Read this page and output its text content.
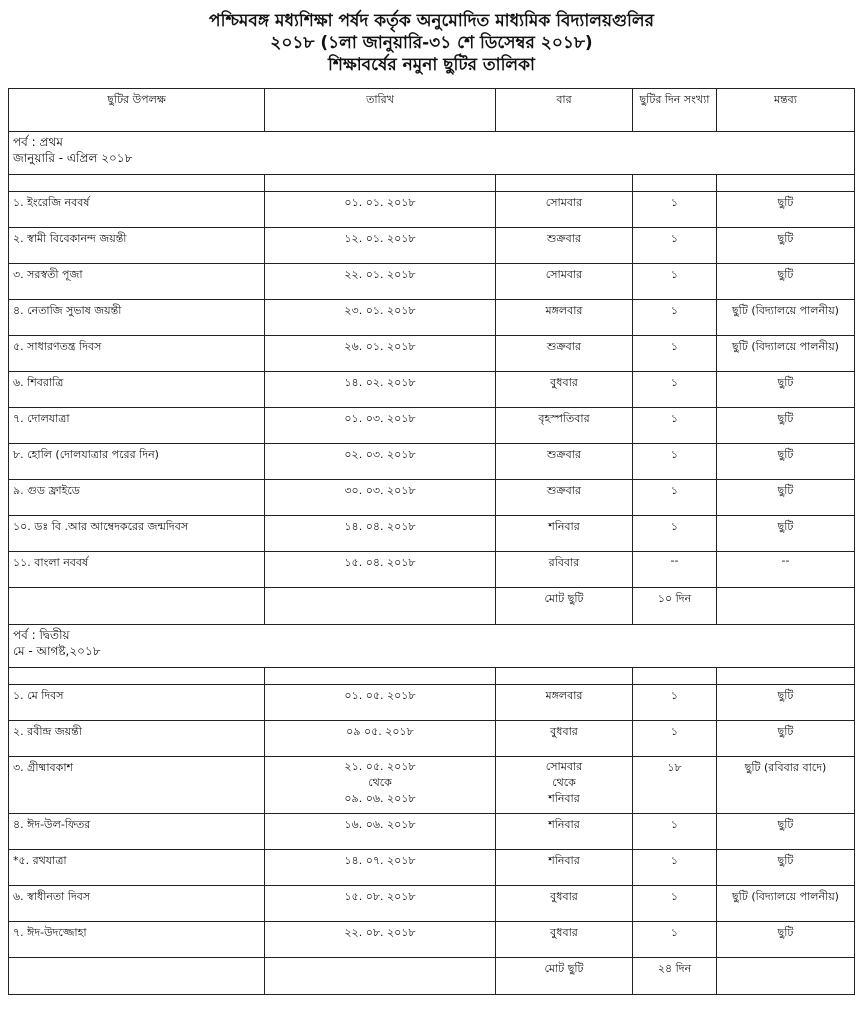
পশ্চিমবঙ্গ মধ্যশিক্ষা পর্ষদ কর্তৃক অনুমোদিত মাধ্যমিক বিদ্যালয়গুলির
২০১৮ (১লা জানুয়ারি-৩১ শে ডিসেম্বর ২০১৮)
শিক্ষাবর্ষের নমুনা ছুটির তালিকা
ছুটির উপলক্ষ	তারিখ	বার	ছুটির দিন সংখ্যা	মন্তব্য

পর্ব : প্রথম
জানুয়ারি - এপ্রিল ২০১৮				

১. ইংরেজি নববর্ষ	০১. ০১. ২০১৮	সোমবার	১	ছুটি
২. স্বামী বিবেকানন্দ জয়ন্তী	১২. ০১. ২০১৮	শুক্রবার	১	ছুটি
৩. সরস্বতী পূজা	২২. ০১. ২০১৮	সোমবার	১	ছুটি
৪. নেতাজি সুভাষ জয়ন্তী	২৩. ০১. ২০১৮	মঙ্গলবার	১	ছুটি (বিদ্যালয়ে পালনীয়)
৫. সাধারণতন্ত্র দিবস	২৬. ০১. ২০১৮	শুক্রবার	১	ছুটি (বিদ্যালয়ে পালনীয়)
৬. শিবরাত্রি	১৪. ০২. ২০১৮	বুধবার	১	ছুটি
৭. দোলযাত্রা	০১. ০৩. ২০১৮	বৃহস্পতিবার	১	ছুটি
৮. হোলি (দোলযাত্রার পরের দিন)	০২. ০৩. ২০১৮	শুক্রবার	১	ছুটি
৯. গুড ফ্রাইডে	৩০. ০৩. ২০১৮	শুক্রবার	১	ছুটি
১০. ডঃ বি .আর আম্বেদকরের জন্মদিবস	১৪. ০৪. ২০১৮	শনিবার	১	ছুটি
১১. বাংলা নববর্ষ	১৫. ০৪. ২০১৮	রবিবার	--	--
		মোট ছুটি	১০ দিন	

পর্ব : দ্বিতীয়
মে - আগষ্ট,২০১৮				

১. মে দিবস	০১. ০৫. ২০১৮	মঙ্গলবার	১	ছুটি
২. রবীন্দ্র জয়ন্তী	০৯ ০৫. ২০১৮	বুধবার	১	ছুটি
৩. গ্রীষ্মাবকাশ	২১. ০৫. ২০১৮
থেকে
০৯. ০৬. ২০১৮	সোমবার
থেকে
শনিবার	১৮	ছুটি (রবিবার বাদে)
৪. ঈদ-উল-ফিতর	১৬. ০৬. ২০১৮	শনিবার	১	ছুটি
*৫. রথযাত্রা	১৪. ০৭. ২০১৮	শনিবার	১	ছুটি
৬. স্বাধীনতা দিবস	১৫. ০৮. ২০১৮	বুধবার	১	ছুটি (বিদ্যালয়ে পালনীয়)
৭. ঈদ-উদজ্জোহা	২২. ০৮. ২০১৮	বুধবার	১	ছুটি
		মোট ছুটি	২৪ দিন	
